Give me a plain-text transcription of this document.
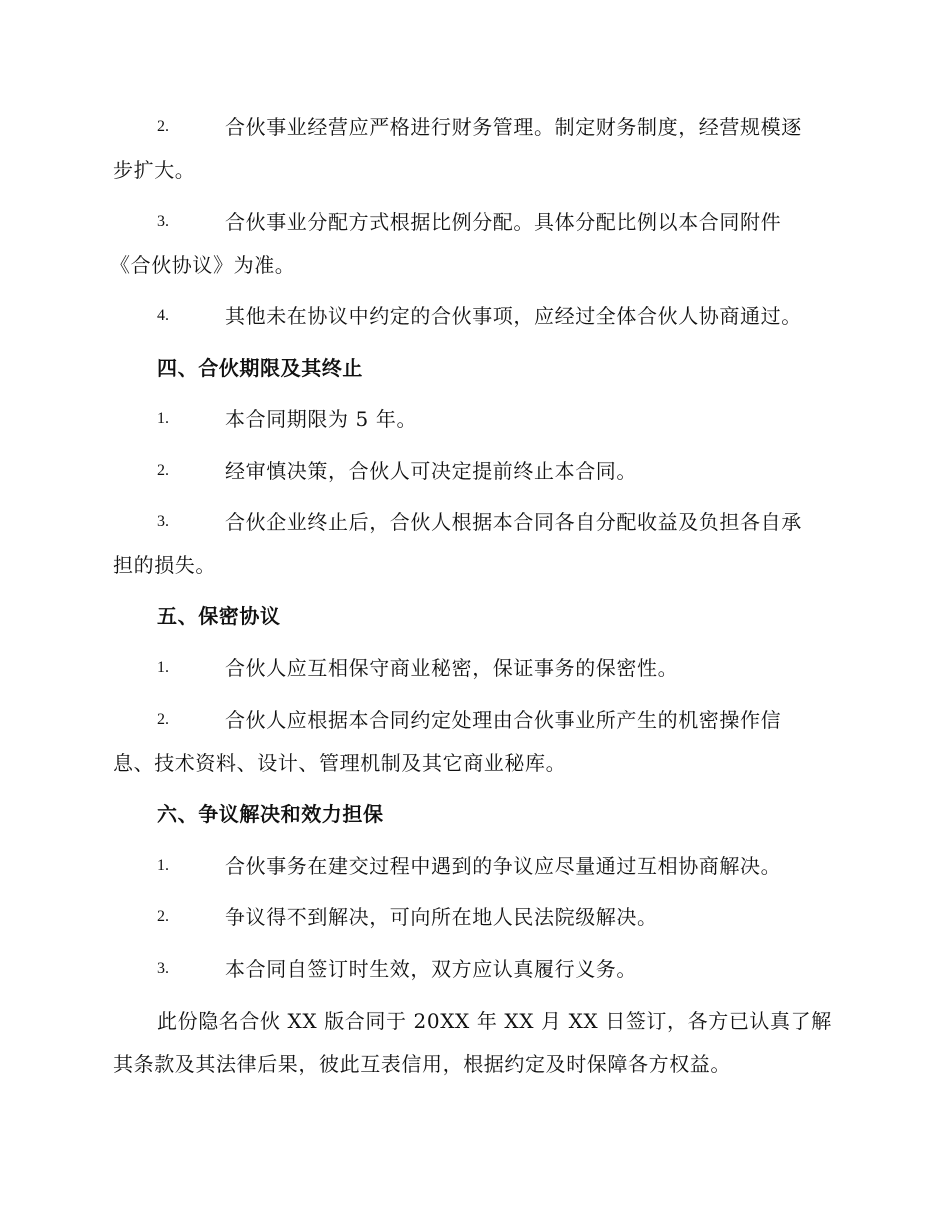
2.	合伙事业经营应严格进行财务管理。制定财务制度，经营规模逐
步扩大。
3.	合伙事业分配方式根据比例分配。具体分配比例以本合同附件
《合伙协议》为准。
4.	其他未在协议中约定的合伙事项，应经过全体合伙人协商通过。
四、合伙期限及其终止
1.	本合同期限为 5 年。
2.	经审慎决策，合伙人可决定提前终止本合同。
3.	合伙企业终止后，合伙人根据本合同各自分配收益及负担各自承
担的损失。
五、保密协议
1.	合伙人应互相保守商业秘密，保证事务的保密性。
2.	合伙人应根据本合同约定处理由合伙事业所产生的机密操作信
息、技术资料、设计、管理机制及其它商业秘库。
六、争议解决和效力担保
1.	合伙事务在建交过程中遇到的争议应尽量通过互相协商解决。
2.	争议得不到解决，可向所在地人民法院级解决。
3.	本合同自签订时生效，双方应认真履行义务。
此份隐名合伙 XX 版合同于 20XX 年 XX 月 XX 日签订，各方已认真了解
其条款及其法律后果，彼此互表信用，根据约定及时保障各方权益。
